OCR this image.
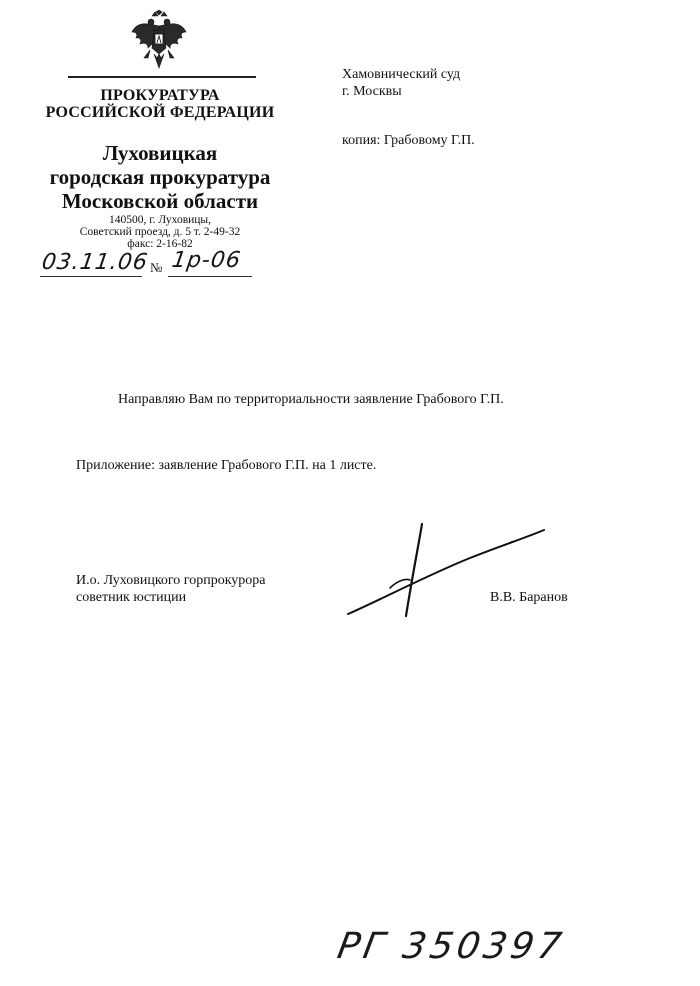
ПРОКУРАТУРА
РОССИЙСКОЙ ФЕДЕРАЦИИ
Луховицкая
городская прокуратура
Московской области
140500, г. Луховицы,
Советский проезд, д. 5 т. 2-49-32
факс: 2-16-82
03.11.06 № 1р-06
Хамовнический суд
г. Москвы
копия: Грабовому Г.П.
Направляю Вам по территориальности заявление Грабового Г.П.
Приложение: заявление Грабового Г.П. на 1 листе.
И.о. Луховицкого горпрокурора
советник юстиции	В.В. Баранов
РГ 350397
